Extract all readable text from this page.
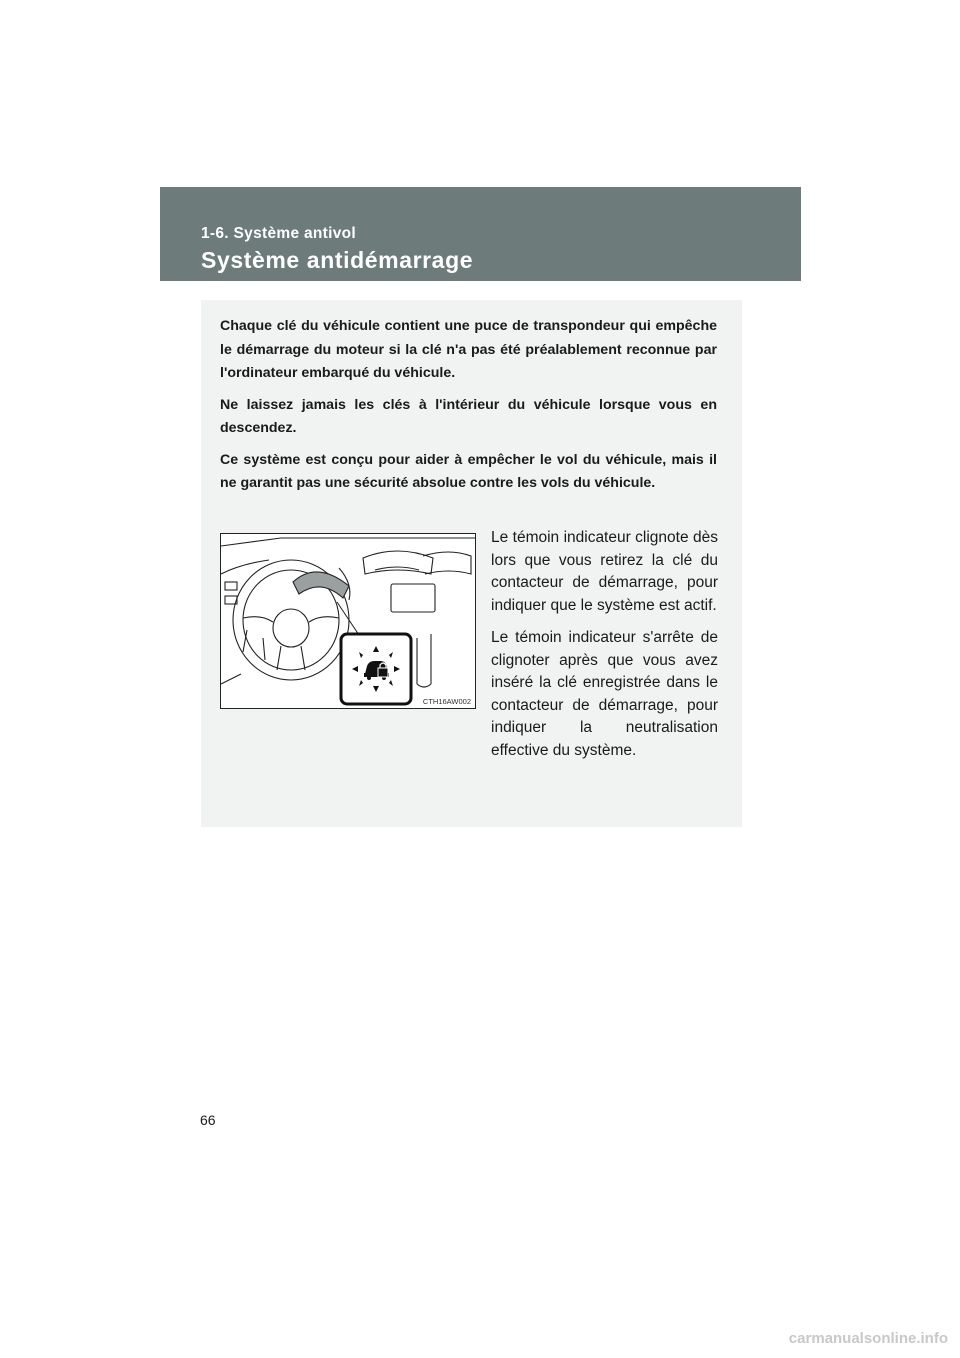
1-6. Système antivol
Système antidémarrage

Chaque clé du véhicule contient une puce de transpondeur qui empêche le démarrage du moteur si la clé n'a pas été préalablement reconnue par l'ordinateur embarqué du véhicule.

Ne laissez jamais les clés à l'intérieur du véhicule lorsque vous en descendez.

Ce système est conçu pour aider à empêcher le vol du véhicule, mais il ne garantit pas une sécurité absolue contre les vols du véhicule.

CTH16AW002

Le témoin indicateur clignote dès lors que vous retirez la clé du contacteur de démarrage, pour indiquer que le système est actif.

Le témoin indicateur s'arrête de clignoter après que vous avez inséré la clé enregistrée dans le contacteur de démarrage, pour indiquer la neutralisation effective du système.

66
carmanualsonline.info
